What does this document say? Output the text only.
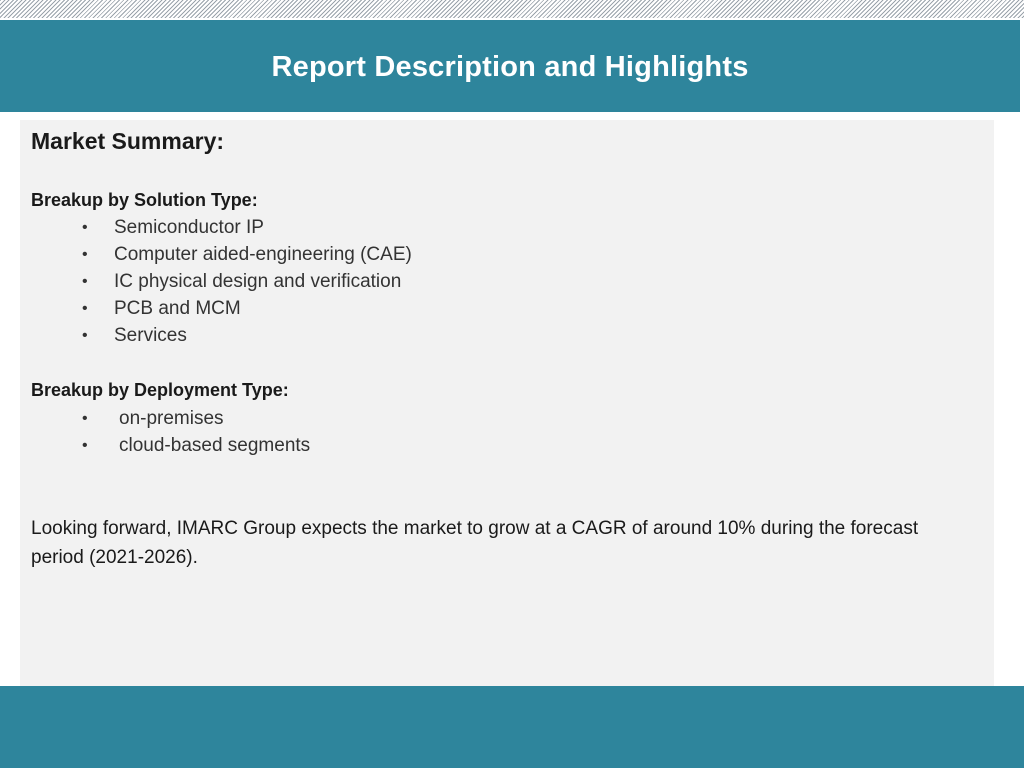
Report Description and Highlights
Market Summary:
Breakup by Solution Type:
• Semiconductor IP
• Computer aided-engineering (CAE)
• IC physical design and verification
• PCB and MCM
• Services
Breakup by Deployment Type:
• on-premises
• cloud-based segments
Looking forward, IMARC Group expects the market to grow at a CAGR of around 10% during the forecast period (2021-2026).
